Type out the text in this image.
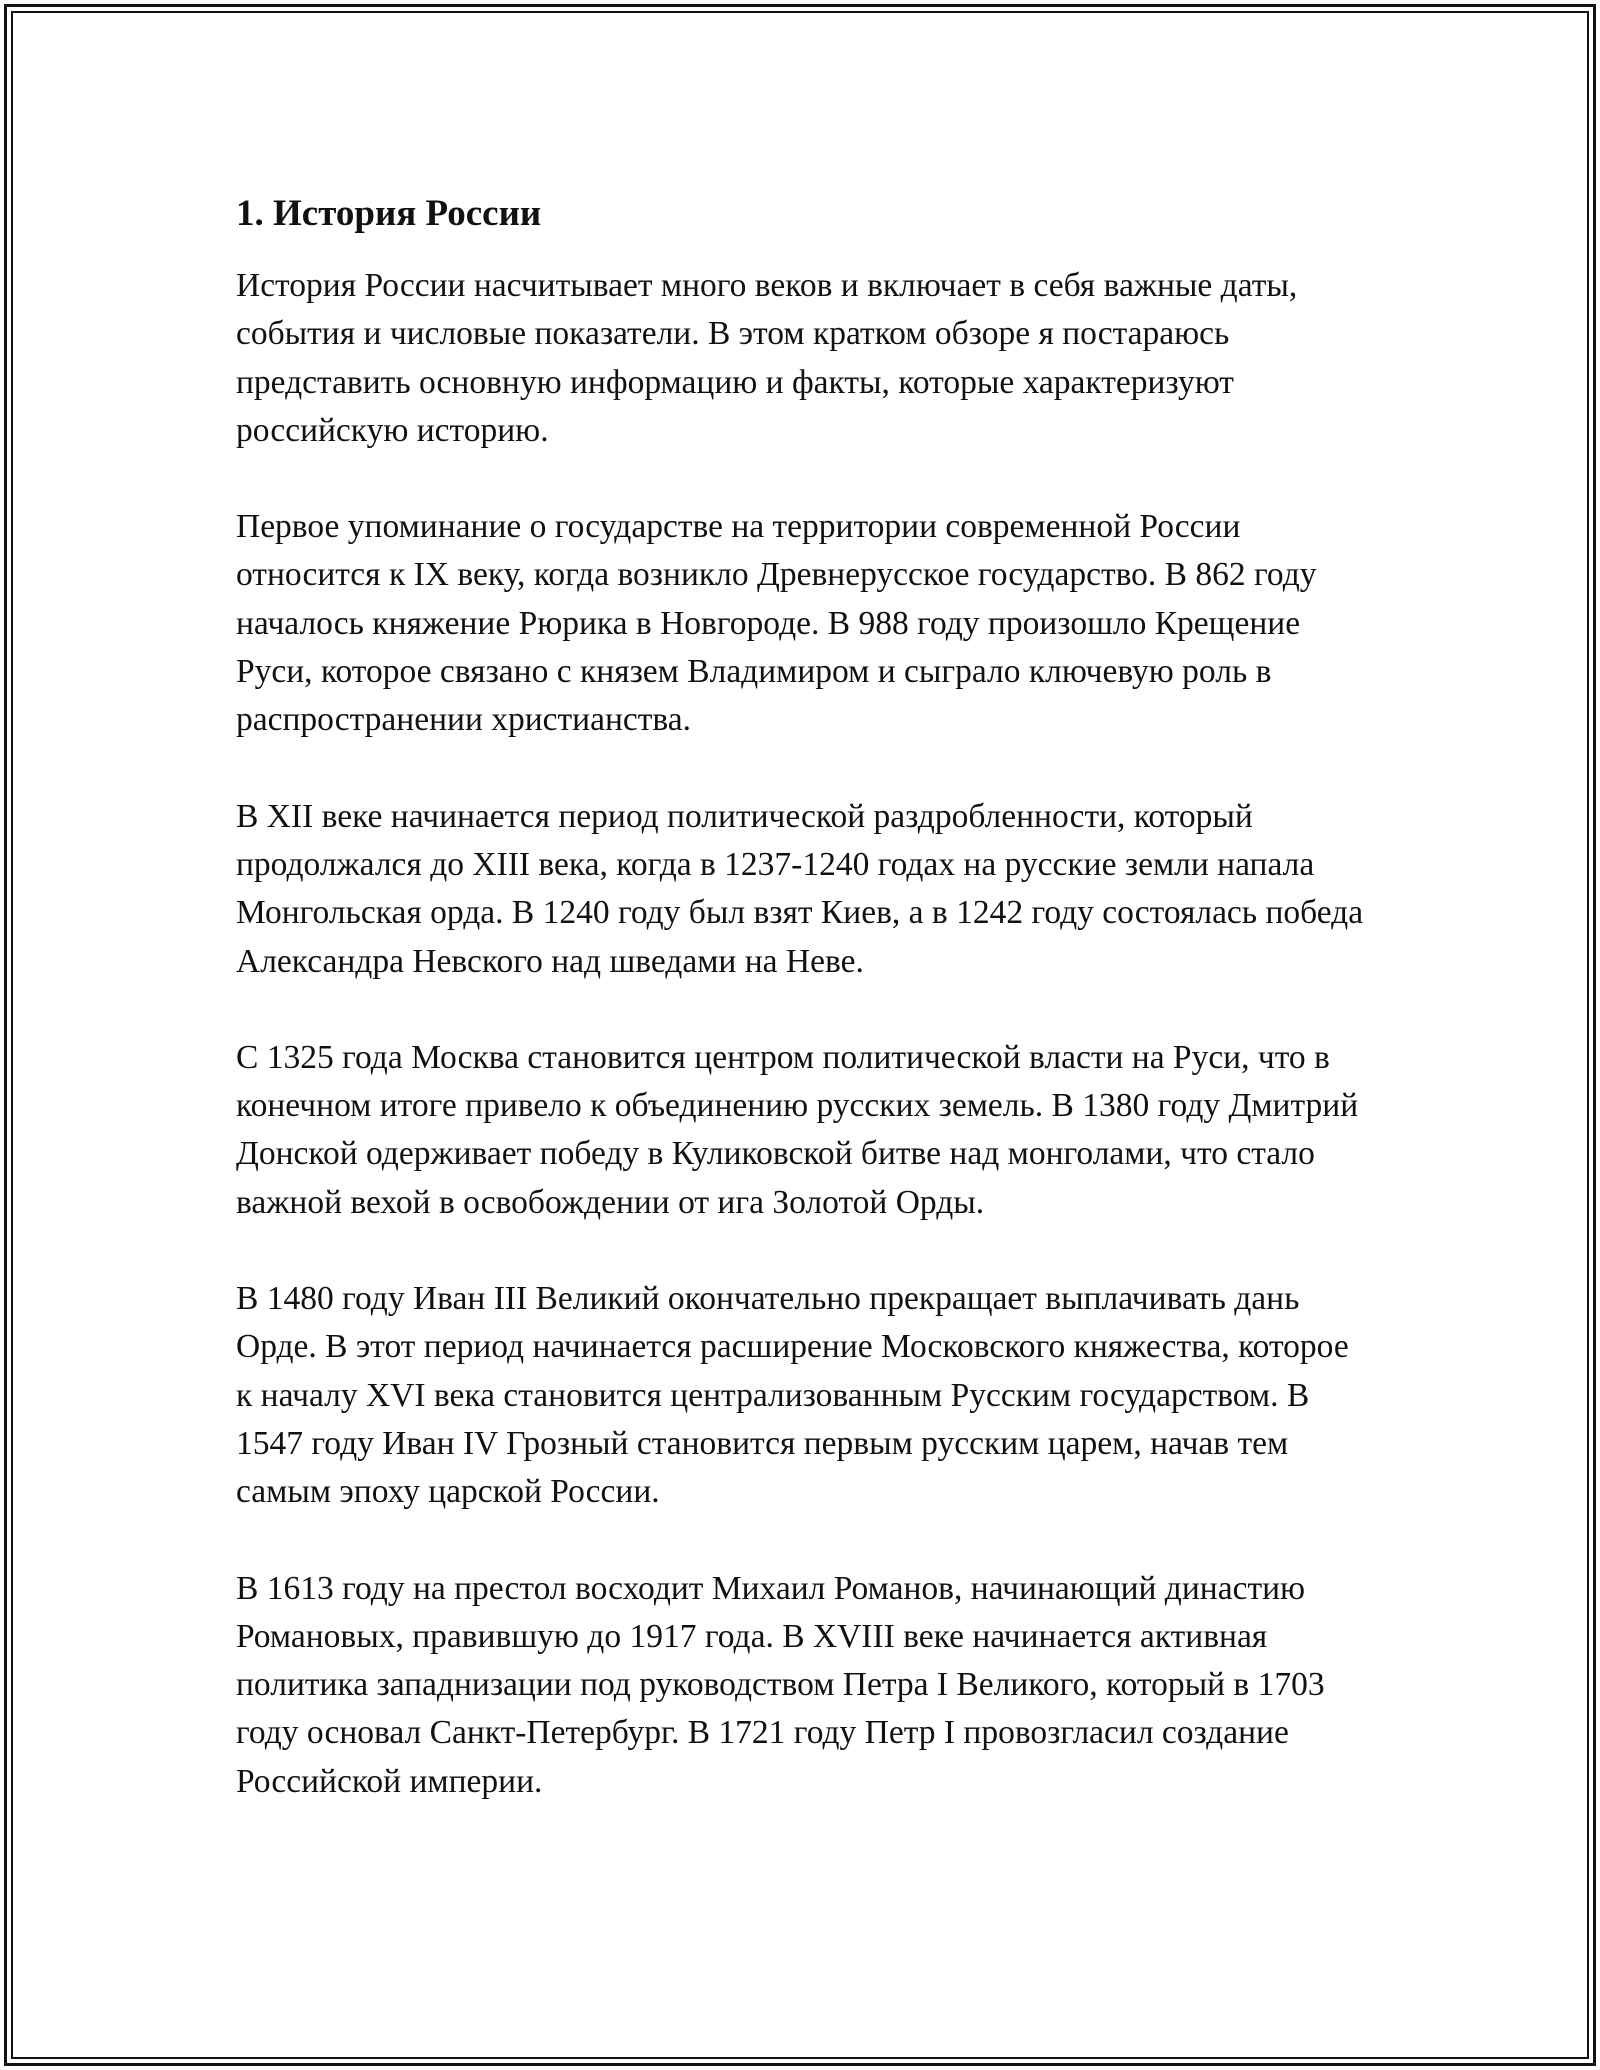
1. История России

История России насчитывает много веков и включает в себя важные даты, события и числовые показатели. В этом кратком обзоре я постараюсь представить основную информацию и факты, которые характеризуют российскую историю.

Первое упоминание о государстве на территории современной России относится к IX веку, когда возникло Древнерусское государство. В 862 году началось княжение Рюрика в Новгороде. В 988 году произошло Крещение Руси, которое связано с князем Владимиром и сыграло ключевую роль в распространении христианства.

В XII веке начинается период политической раздробленности, который продолжался до XIII века, когда в 1237-1240 годах на русские земли напала Монгольская орда. В 1240 году был взят Киев, а в 1242 году состоялась победа Александра Невского над шведами на Неве.

С 1325 года Москва становится центром политической власти на Руси, что в конечном итоге привело к объединению русских земель. В 1380 году Дмитрий Донской одерживает победу в Куликовской битве над монголами, что стало важной вехой в освобождении от ига Золотой Орды.

В 1480 году Иван III Великий окончательно прекращает выплачивать дань Орде. В этот период начинается расширение Московского княжества, которое к началу XVI века становится централизованным Русским государством. В 1547 году Иван IV Грозный становится первым русским царем, начав тем самым эпоху царской России.

В 1613 году на престол восходит Михаил Романов, начинающий династию Романовых, правившую до 1917 года. В XVIII веке начинается активная политика западнизации под руководством Петра I Великого, который в 1703 году основал Санкт-Петербург. В 1721 году Петр I провозгласил создание Российской империи.
